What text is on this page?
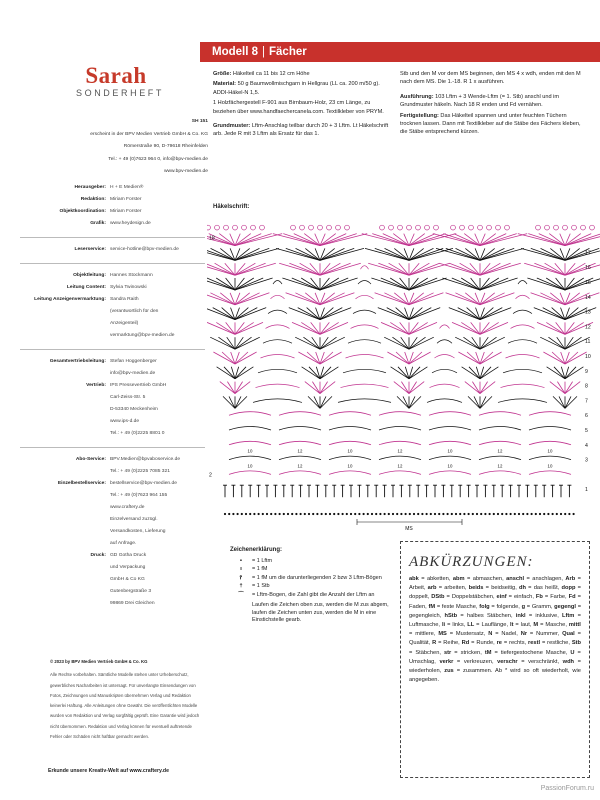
Sarah
SONDERHEFT
SH 151
erscheint in der BPV Medien Vertrieb GmbH & Co. KG
Römerstraße 90, D-79618 Rheinfelden
Tel.: + 49 (0)7623 964 0, info@bpv-medien.de
www.bpv-medien.de
Herausgeber: H + E Medien®
Redaktion: Miriam Forster
Objektkoordination: Miriam Forster
Grafik: www.heydesign.de
Leserservice: service-hotline@bpv-medien.de
Objektleitung: Hannes Stockmann
Leitung Content: Sylvia Twinowski
Leitung Anzeigenvermarktung: Sandra Raith
(verantwortlich für den
Anzeigenteil)
vermarktung@bpv-medien.de
Gesamtvertriebsleitung: Stefan Hoggenberger
info@bpv-medien.de
Vertrieb: IPS Pressevertrieb GmbH
Carl-Zeiss-Str. 5
D-53340 Meckenheim
www.ips-d.de
Tel.: + 49 (0)2225 8801 0
Abo-Service: BPV.Medien@bpvaboservice.de
Tel.: + 49 (0)2225 7085 321
Einzelbestellservice: bestellservice@bpv-medien.de
Tel.: + 49 (0)7623 964 155
www.craftery.de
Einzelversand zuzügl.
Versandkosten, Lieferung
auf Anfrage.
Druck: GD Gotha Druck
und Verpackung
GmbH & Co KG
Gutenbergstraße 3
99869 Drei Gleichen
© 2023 by BPV Medien Vertrieb GmbH & Co. KG
Alle Rechte vorbehalten. Sämtliche Modelle stehen unter Urheberschutz,
gewerbliches Nacharbeiten ist untersagt. Für unverlangte Einsendungen von
Fotos, Zeichnungen und Manuskripten übernehmen Verlag und Redaktion
keinerlei Haftung. Alle Anleitungen ohne Gewähr. Die veröffentlichten Modelle
wurden von Redaktion und Verlag sorgfältig geprüft. Eine Garantie wird jedoch
nicht übernommen. Redaktion und Verlag können für eventuell auftretende
Fehler oder Schäden nicht haftbar gemacht werden.
Erkunde unsere Kreativ-Welt auf www.craftery.de
Modell 8 | Fächer

Größe: Häkelteil ca 11 bis 12 cm Höhe

Material: 50 g Baumwollmischgarn in Hellgrau (LL ca. 200 m/50 g). ADDI-Häkel-N 1,5.

1 Holzfächergestell F-901 aus Birnbaum-Holz, 23 cm Länge, zu beziehen über www.handfaechercanela.com. Textilkleber von PRYM.

Grundmuster: Lftm-Anschlag teilbar durch 20 + 3 Lftm. Lt Häkelschrift arb. Jede R mit 3 Lftm als Ersatz für das 1.

Stb und den M vor dem MS beginnen, den MS 4 x wdh, enden mit den M nach dem MS. Die 1.-18. R 1 x ausführen.

Ausführung: 103 Lftm + 3 Wende-Lftm (= 1. Stb) anschl und im Grundmuster häkeln. Nach 18 R enden und Fd vernähen.

Fertigstellung: Das Häkelteil spannen und unter feuchten Tüchern trocknen lassen. Dann mit Textilkleber auf die Stäbe des Fächers kleben, die Stäbe entsprechend kürzen.

Häkelschrift:
MS
10	12	10	12	10	12	10
10	12	10	12	10	12	10
17
16
15
14
13
12
11
10
9
8
7
6
5
4
3
1
18
2
Zeichenerklärung:
•	= 1 Lftm
ı	= 1 fM
⫯	= 1 fM um die darunterliegenden 2 bzw 3 Lftm-Bögen
†	= 1 Stb
⌒	= Lftm-Bogen, die Zahl gibt die Anzahl der Lftm an
Laufen die Zeichen oben zus, werden die M zus abgem, laufen die Zeichen unten zus, werden die M in eine Einstichstelle gearb.
ABKÜRZUNGEN:
abk = abketten, abm = abmaschen, anschl = anschlagen, Arb = Arbeit, arb = arbeiten, beids = beidseitig, dh = das heißt, dopp = doppelt, DStb = Doppelstäbchen, einf = einfach, Fb = Farbe, Fd = Faden, fM = feste Masche, folg = folgende, g = Gramm, gegengl = gegengleich, hStb = halbes Stäbchen, inkl = inklusive, Lftm = Luftmasche, li = links, LL = Lauflänge, lt = laut, M = Masche, mittl = mittlere, MS = Mustersatz, N = Nadel, Nr = Nummer, Qual = Qualität, R = Reihe, Rd = Runde, re = rechts, restl = restliche, Stb = Stäbchen, str = stricken, tM = tiefergestochene Masche, U = Umschlag, verkr = verkreuzen, verschr = verschränkt, wdh = wiederholen, zus = zusammen. Ab * wird so oft wiederholt, wie angegeben.
PassionForum.ru
